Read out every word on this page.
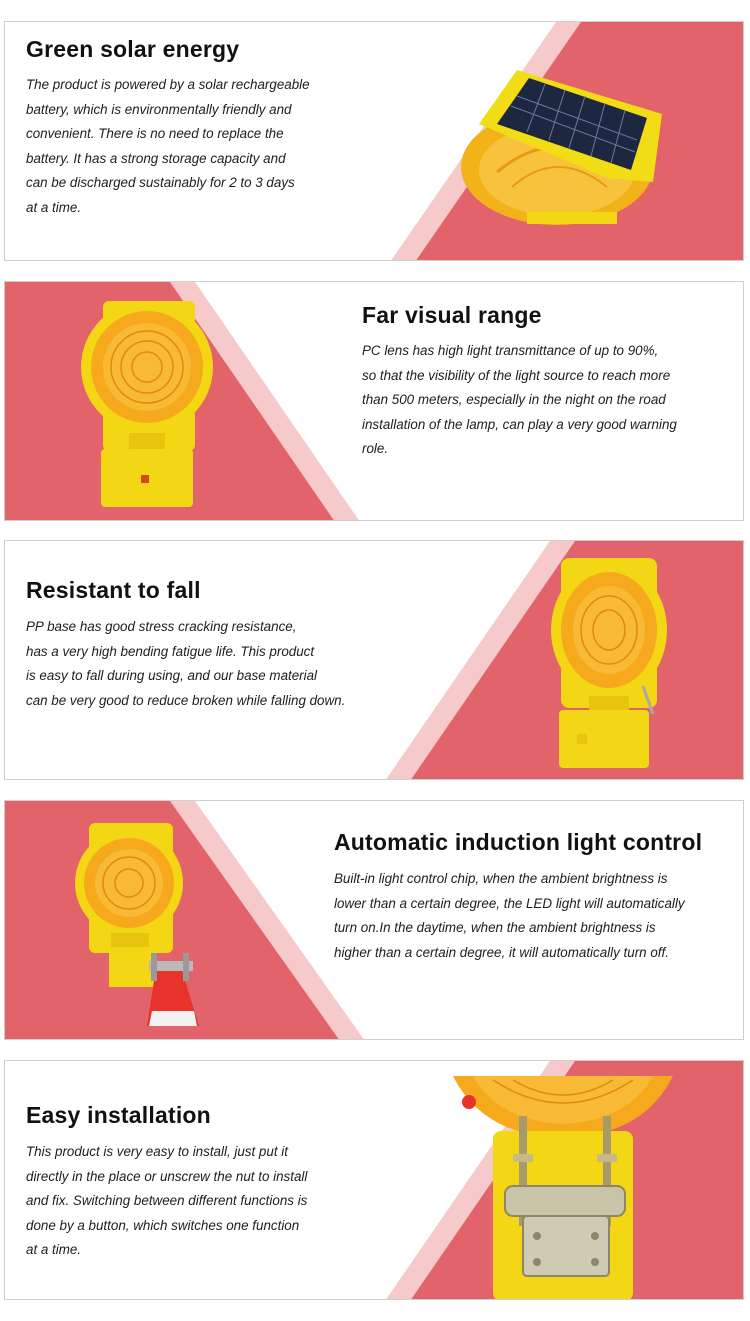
Green solar energy
The product is powered by a solar rechargeable
battery, which is environmentally friendly and
convenient. There is no need to replace the
battery. It has a strong storage capacity and
can be discharged sustainably for 2 to 3 days
at a time.
Far visual range
PC lens has high light transmittance of up to 90%,
so that the visibility of the light source to reach more
than 500 meters, especially in the night on the road
installation of the lamp, can play a very good warning
role.
Resistant to fall
PP base has good stress cracking resistance,
has a very high bending fatigue life. This product
is easy to fall during using, and our base material
can be very good to reduce broken while falling down.
Automatic induction light control
Built-in light control chip, when the ambient brightness is
lower than a certain degree, the LED light will automatically
turn on.In the daytime, when the ambient brightness is
higher than a certain degree, it will automatically turn off.
Easy installation
This product is very easy to install, just put it
directly in the place or unscrew the nut to install
and fix. Switching between different functions is
done by a button, which switches one function
at a time.
